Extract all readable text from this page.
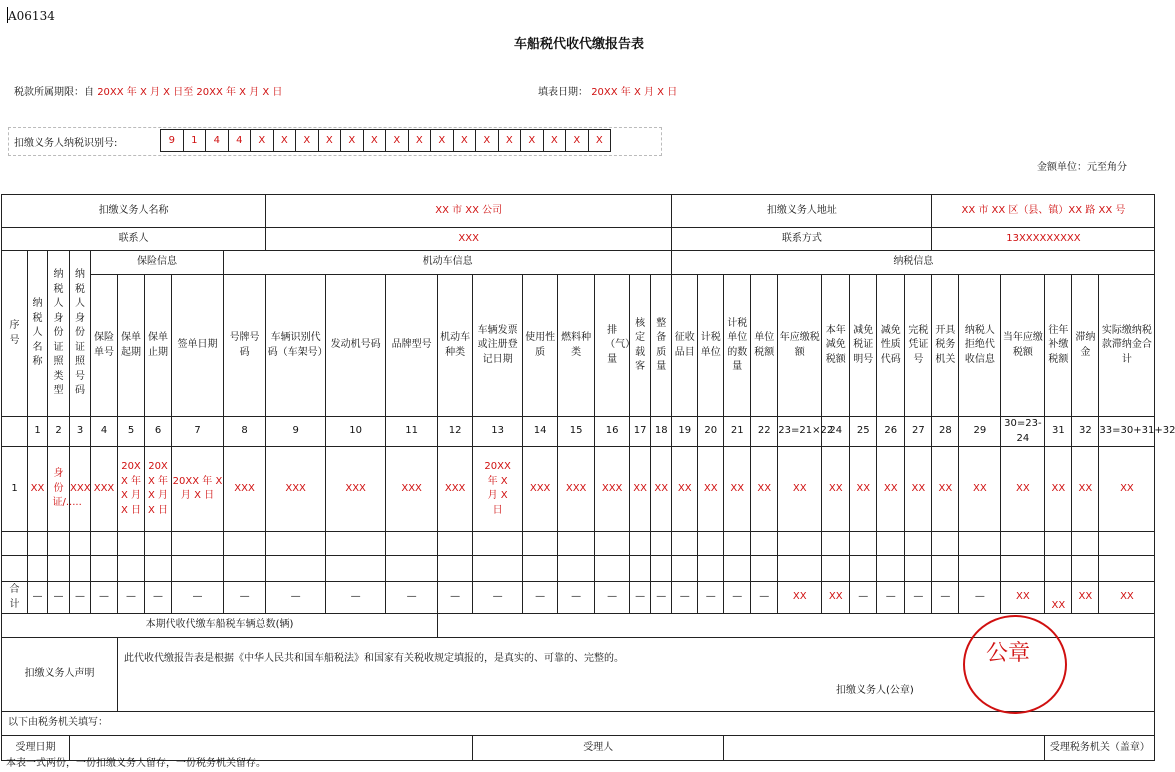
A06134
车船税代收代缴报告表
税款所属期限：自 20XX 年 X 月 X 日至 20XX 年 X 月 X 日	填表日期： 20XX 年 X 月 X 日
扣缴义务人纳税识别号:	9	1	4	4	X	X	X	X	X	X	X	X	X	X	X	X	X	X	X	X
金额单位：元至角分
扣缴义务人名称									XX 市 XX 公司										扣缴义务人地址									XX 市 XX 区（县、镇）XX 路 XX 号					
联系人									XXX										联系方式									13XXXXXXXXX					
序号	纳税人名称	纳税人身份证照类型	纳税人身份证照号码	保险信息				机动车信息											纳税信息														
				保险单号	保单起期	保单止期	签单日期	号牌号码	车辆识别代码（车架号）	发动机号码	品牌型号	机动车种类	车辆发票或注册登记日期	使用性质	燃料种类	排（气）量	核定载客	整备质量	征收品目	计税单位	计税单位的数量	单位税额	年应缴税额	本年减免税额	减免税证明号	减免性质代码	完税凭证号	开具税务机关	纳税人拒绝代收信息	当年应缴税额	往年补缴税额	滞纳金	实际缴纳税款滞纳金合计
	1	2	3	4	5	6	7	8	9	10	11	12	13	14	15	16	17	18	19	20	21	22	23=21×22	24	25	26	27	28	29	30=23-24	31	32	33=30+31+32
1	XX	身份证/.....	XXX	XXX	20XX 年 X 月 X 日	20XX 年 X 月 X 日	20XX 年 X 月 X 日	XXX	XXX	XXX	XXX	XXX	20XX 年 X 月 X 日	XXX	XXX	XXX	XX	XX	XX	XX	XX	XX	XX	XX	XX	XX	XX	XX	XX	XX	XX	XX	XX

合计	—	—	—	—	—	—	—	—	—	—	—	—	—	—	—	—	—	—	—	—	—	—	XX	XX	—	—	—	—	—	XX	XX	XX	XX
本期代收代缴车船税车辆总数(辆)																																	
扣缴义务人声明					此代收代缴报告表是根据《中华人民共和国车船税法》和国家有关税收规定填报的，是真实的、可靠的、完整的。
扣缴义务人(公章)																												

以下由税务机关填写：																																	
受理日期													受理人																		受理税务机关（盖章）		
公章
本表一式两份，一份扣缴义务人留存，一份税务机关留存。
